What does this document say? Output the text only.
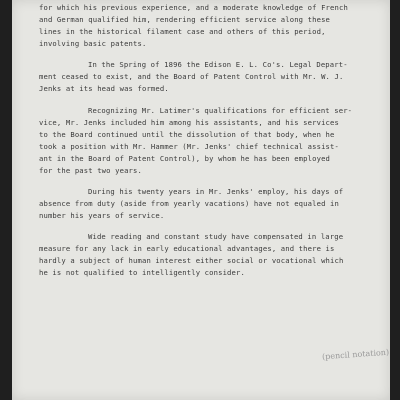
for which his previous experience, and a moderate knowledge of French
and German qualified him, rendering efficient service along these
lines in the historical filament case and others of this period,
involving basic patents.
In the Spring of 1896 the Edison E. L. Co's. Legal Depart-
ment ceased to exist, and the Board of Patent Control with Mr. W. J.
Jenks at its head was formed.
Recognizing Mr. Latimer's qualifications for efficient ser-
vice, Mr. Jenks included him among his assistants, and his services
to the Board continued until the dissolution of that body, when he
took a position with Mr. Hammer (Mr. Jenks' chief technical assist-
ant in the Board of Patent Control), by whom he has been employed
for the past two years.
During his twenty years in Mr. Jenks' employ, his days of
absence from duty (aside from yearly vacations) have not equaled in
number his years of service.
Wide reading and constant study have compensated in large
measure for any lack in early educational advantages, and there is
hardly a subject of human interest either social or vocational which
he is not qualified to intelligently consider.
(pencil notation)
